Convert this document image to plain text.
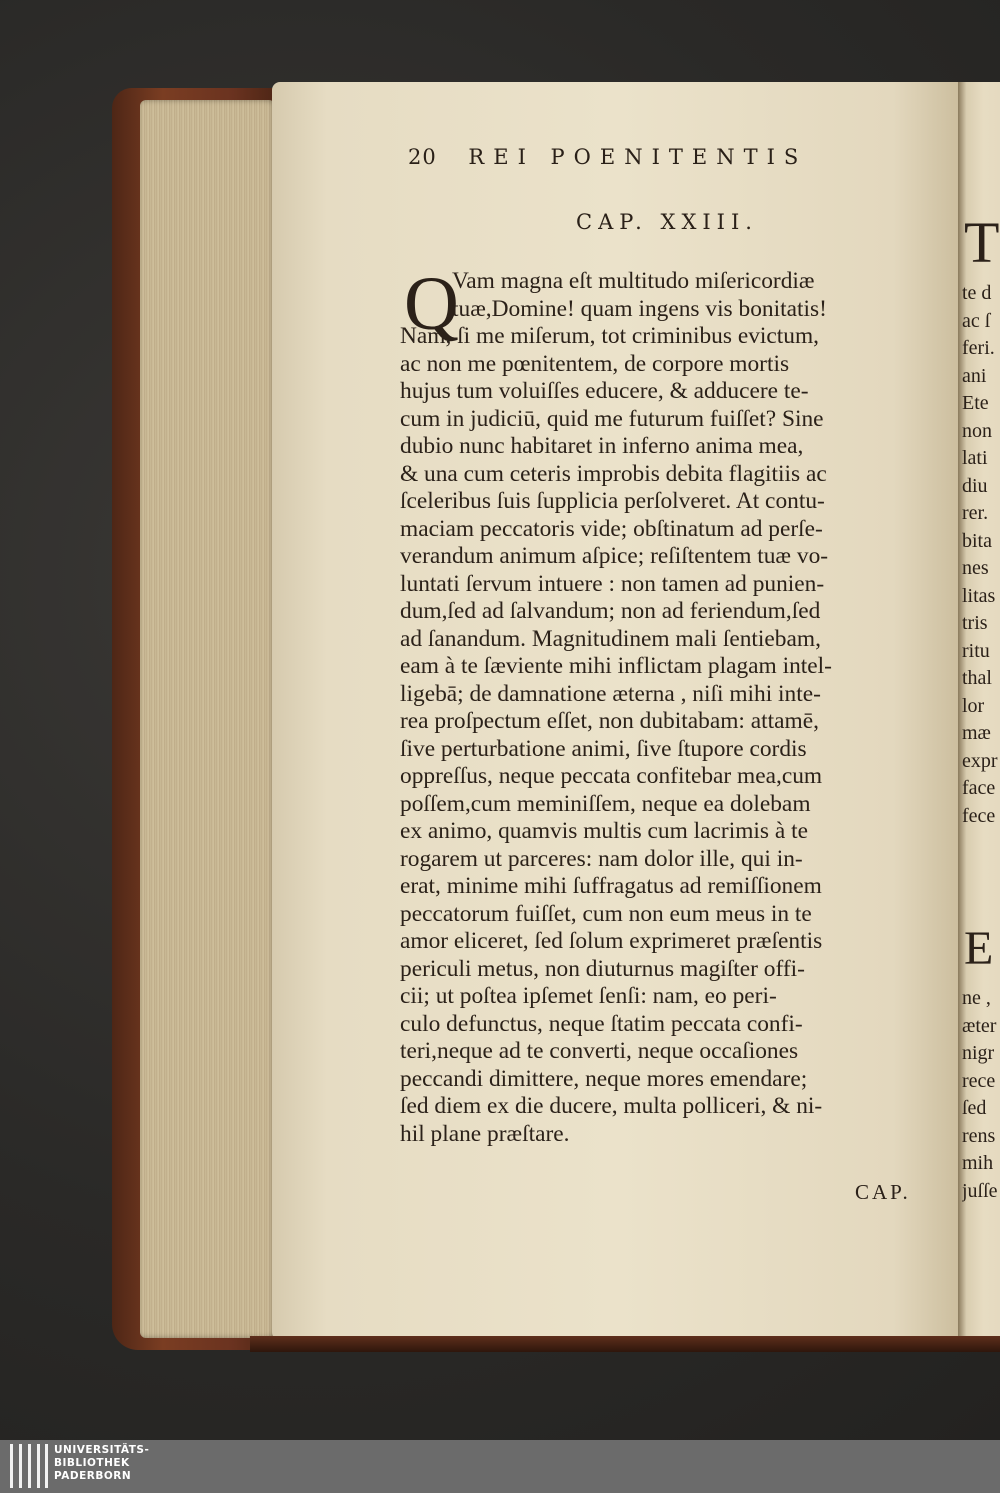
20 REI POENITENTIS
CAP. XXIII.
Q
Vam magna eſt multitudo miſericordiæ
tuæ,Domine! quam ingens vis bonitatis!
Nam, ſi me miſerum, tot criminibus evictum,
ac non me pœnitentem, de corpore mortis
hujus tum voluiſſes educere, & adducere te-
cum in judiciū, quid me futurum fuiſſet? Sine
dubio nunc habitaret in inferno anima mea,
& una cum ceteris improbis debita flagitiis ac
ſceleribus ſuis ſupplicia perſolveret. At contu-
maciam peccatoris vide; obſtinatum ad perſe-
verandum animum aſpice; reſiſtentem tuæ vo-
luntati ſervum intuere : non tamen ad punien-
dum,ſed ad ſalvandum; non ad feriendum,ſed
ad ſanandum. Magnitudinem mali ſentiebam,
eam à te ſæviente mihi inflictam plagam intel-
ligebā; de damnatione æterna , niſi mihi inte-
rea proſpectum eſſet, non dubitabam: attamē,
ſive perturbatione animi, ſive ſtupore cordis
oppreſſus, neque peccata confitebar mea,cum
poſſem,cum meminiſſem, neque ea dolebam
ex animo, quamvis multis cum lacrimis à te
rogarem ut parceres: nam dolor ille, qui in-
erat, minime mihi ſuffragatus ad remiſſionem
peccatorum fuiſſet, cum non eum meus in te
amor eliceret, ſed ſolum exprimeret præſentis
periculi metus, non diuturnus magiſter offi-
cii; ut poſtea ipſemet ſenſi: nam, eo peri-
culo defunctus, neque ſtatim peccata confi-
teri,neque ad te converti, neque occaſiones
peccandi dimittere, neque mores emendare;
ſed diem ex die ducere, multa polliceri, & ni-
hil plane præſtare.
CAP.
T
te d
ac ſ
feri.
ani
Ete
non
lati
diu
rer.
bita
nes
litas
tris
ritu
thal
lor
mæ
expr
face
fece
E
ne ,
æter
nigr
rece
ſed
rens
mih
juſſe
UNIVERSITÄTS-
BIBLIOTHEK
PADERBORN
